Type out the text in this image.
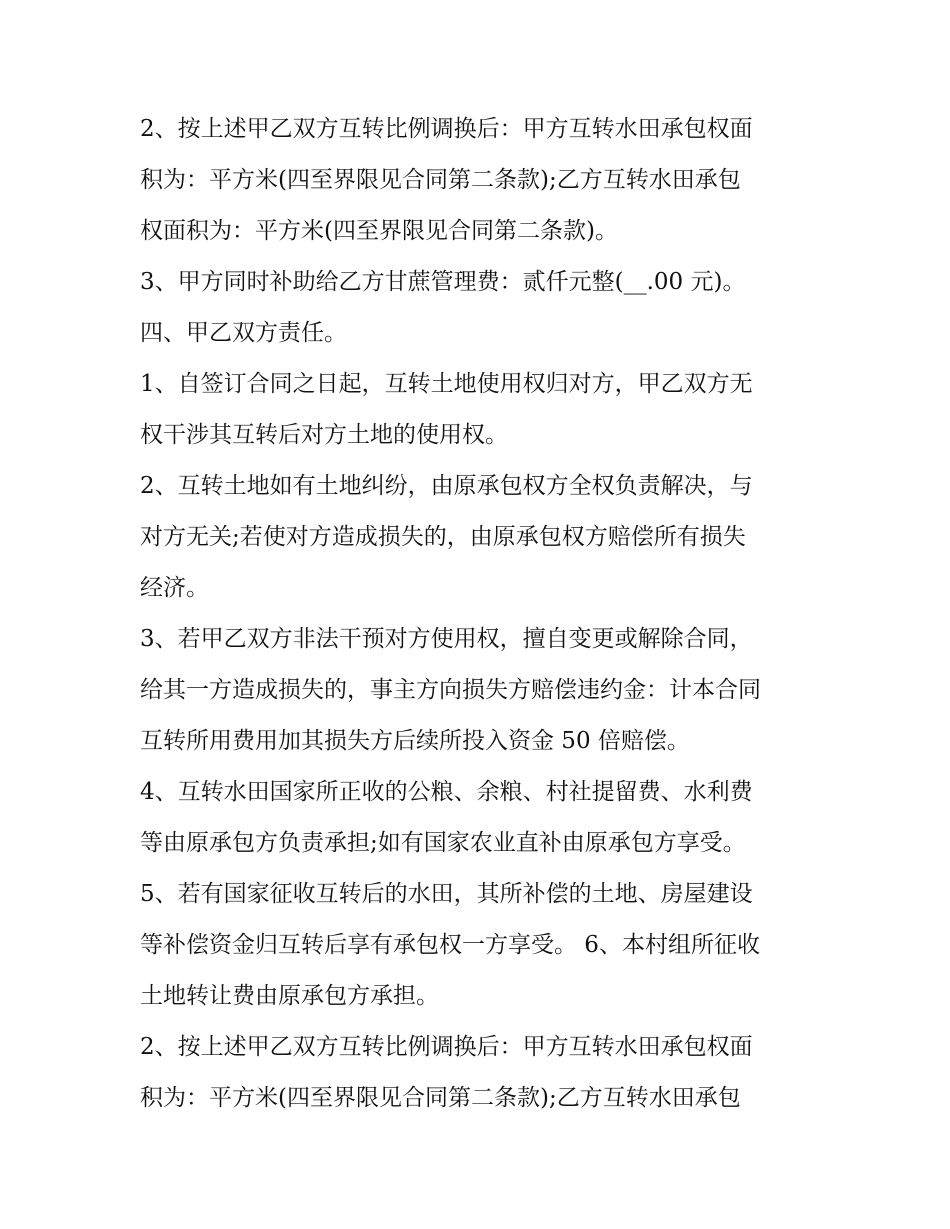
2、按上述甲乙双方互转比例调换后：甲方互转水田承包权面
积为：平方米(四至界限见合同第二条款);乙方互转水田承包
权面积为：平方米(四至界限见合同第二条款)。

3、甲方同时补助给乙方甘蔗管理费：贰仟元整(__.00 元)。

四、甲乙双方责任。

1、自签订合同之日起，互转土地使用权归对方，甲乙双方无
权干涉其互转后对方土地的使用权。

2、互转土地如有土地纠纷，由原承包权方全权负责解决，与
对方无关;若使对方造成损失的，由原承包权方赔偿所有损失
经济。

3、若甲乙双方非法干预对方使用权，擅自变更或解除合同，
给其一方造成损失的，事主方向损失方赔偿违约金：计本合同
互转所用费用加其损失方后续所投入资金 50 倍赔偿。

4、互转水田国家所正收的公粮、余粮、村社提留费、水利费
等由原承包方负责承担;如有国家农业直补由原承包方享受。

5、若有国家征收互转后的水田，其所补偿的土地、房屋建设
等补偿资金归互转后享有承包权一方享受。 6、本村组所征收
土地转让费由原承包方承担。

2、按上述甲乙双方互转比例调换后：甲方互转水田承包权面
积为：平方米(四至界限见合同第二条款);乙方互转水田承包
